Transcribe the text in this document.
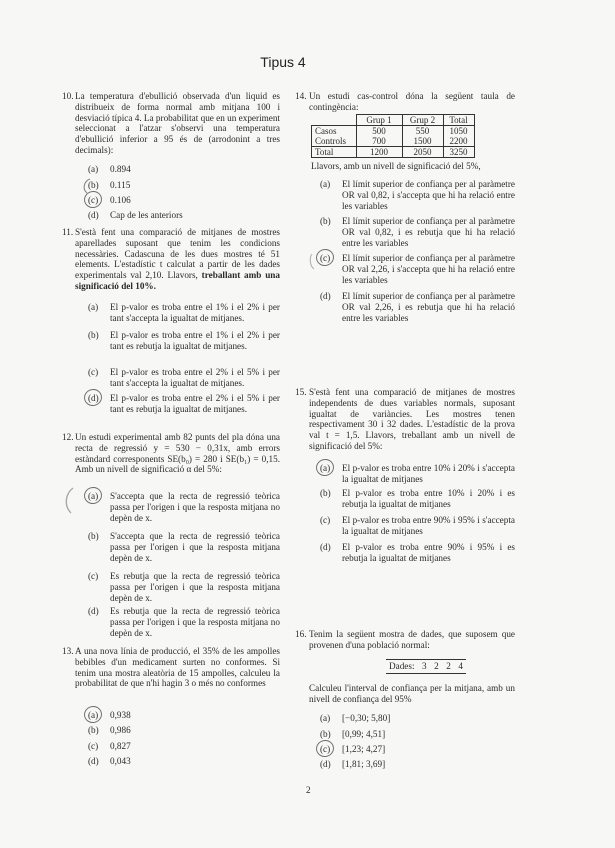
Tipus 4
10. La temperatura d'ebullició observada d'un liquid es distribueix de forma normal amb mitjana 100 i desviació típica 4. La probabilitat que en un experiment seleccionat a l'atzar s'observi una temperatura d'ebullició inferior a 95 és de (arrodonint a tres decimals):
(a) 0.894
(b) 0.115
(c) 0.106
(d) Cap de les anteriors
11. S'està fent una comparació de mitjanes de mostres aparellades suposant que tenim les condicions necessàries. Cadascuna de les dues mostres té 51 elements. L'estadístic t calculat a partir de les dades experimentals val 2,10. Llavors, treballant amb una significació del 10%.
(a) El p-valor es troba entre el 1% i el 2% i per tant s'accepta la igualtat de mitjanes.
(b) El p-valor es troba entre el 1% i el 2% i per tant es rebutja la igualtat de mitjanes.
(c) El p-valor es troba entre el 2% i el 5% i per tant s'accepta la igualtat de mitjanes.
(d) El p-valor es troba entre el 2% i el 5% i per tant es rebutja la igualtat de mitjanes.
12. Un estudi experimental amb 82 punts del pla dóna una recta de regressió y = 530 − 0,31x, amb errors estàndard corresponents SE(b₀) = 280 i SE(b₁) = 0,15. Amb un nivell de significació α del 5%:
(a) S'accepta que la recta de regressió teòrica passa per l'origen i que la resposta mitjana no depèn de x.
(b) S'accepta que la recta de regressió teòrica passa per l'origen i que la resposta mitjana depèn de x.
(c) Es rebutja que la recta de regressió teòrica passa per l'origen i que la resposta mitjana depèn de x.
(d) Es rebutja que la recta de regressió teòrica passa per l'origen i que la resposta mitjana no depèn de x.
13. A una nova línia de producció, el 35% de les ampolles bebibles d'un medicament surten no conformes. Si tenim una mostra aleatòria de 15 ampolles, calculeu la probabilitat de que n'hi hagin 3 o més no conformes
(a) 0,938
(b) 0,986
(c) 0,827
(d) 0,043
14. Un estudi cas-control dóna la següent taula de contingència:
	Grup 1	Grup 2	Total
Casos	500	550	1050
Controls	700	1500	2200
Total	1200	2050	3250
Llavors, amb un nivell de significació del 5%,
(a) El límit superior de confiança per al paràmetre OR val 0,82, i s'accepta que hi ha relació entre les variables
(b) El límit superior de confiança per al paràmetre OR val 0,82, i es rebutja que hi ha relació entre les variables
(c) El límit superior de confiança per al paràmetre OR val 2,26, i s'accepta que hi ha relació entre les variables
(d) El límit superior de confiança per al paràmetre OR val 2,26, i es rebutja que hi ha relació entre les variables
15. S'està fent una comparació de mitjanes de mostres independents de dues variables normals, suposant igualtat de variàncies. Les mostres tenen respectivament 30 i 32 dades. L'estadístic de la prova val t = 1,5. Llavors, treballant amb un nivell de significació del 5%:
(a) El p-valor es troba entre 10% i 20% i s'accepta la igualtat de mitjanes
(b) El p-valor es troba entre 10% i 20% i es rebutja la igualtat de mitjanes
(c) El p-valor es troba entre 90% i 95% i s'accepta la igualtat de mitjanes
(d) El p-valor es troba entre 90% i 95% i es rebutja la igualtat de mitjanes
16. Tenim la següent mostra de dades, que suposem que provenen d'una població normal:
Dades: 3 2 2 4
Calculeu l'interval de confiança per la mitjana, amb un nivell de confiança del 95%
(a) [−0,30; 5,80]
(b) [0,99; 4,51]
(c) [1,23; 4,27]
(d) [1,81; 3,69]
2
